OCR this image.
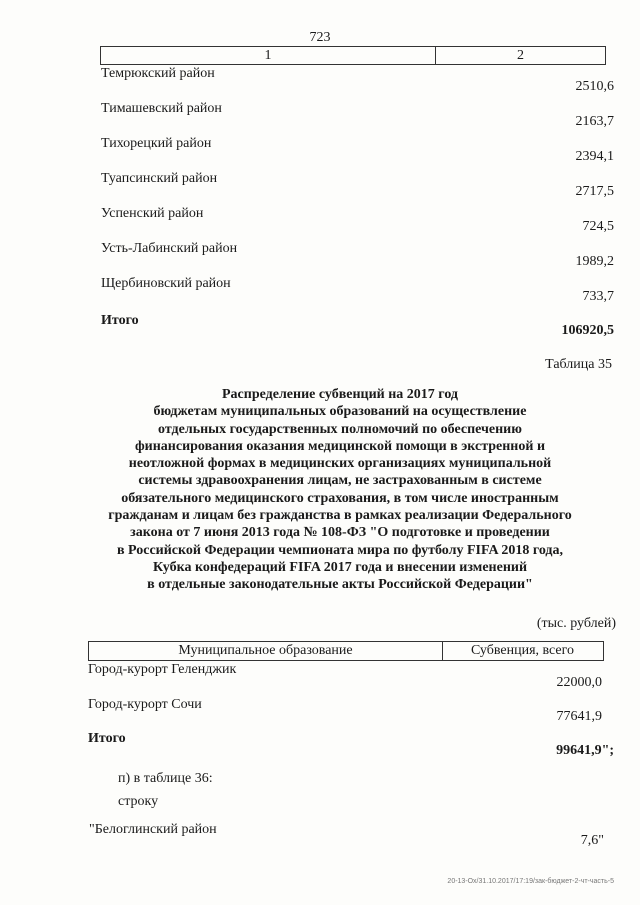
723
1	2
Темрюкский район
2510,6
Тимашевский район
2163,7
Тихорецкий район
2394,1
Туапсинский район
2717,5
Успенский район
724,5
Усть-Лабинский район
1989,2
Щербиновский район
733,7
Итого
106920,5
Таблица 35
Распределение субвенций на 2017 год
бюджетам муниципальных образований на осуществление
отдельных государственных полномочий по обеспечению
финансирования оказания медицинской помощи в экстренной и
неотложной формах в медицинских организациях муниципальной
системы здравоохранения лицам, не застрахованным в системе
обязательного медицинского страхования, в том числе иностранным
гражданам и лицам без гражданства в рамках реализации Федерального
закона от 7 июня 2013 года № 108-ФЗ "О подготовке и проведении
в Российской Федерации чемпионата мира по футболу FIFA 2018 года,
Кубка конфедераций FIFA 2017 года и внесении изменений
в отдельные законодательные акты Российской Федерации"
(тыс. рублей)
Муниципальное образование	Субвенция, всего
Город-курорт Геленджик
22000,0
Город-курорт Сочи
77641,9
Итого
99641,9";
п) в таблице 36:
строку
"Белоглинский район
7,6"
20-13-Ох/31.10.2017/17:19/зак-бюджет-2-чт-часть-5
